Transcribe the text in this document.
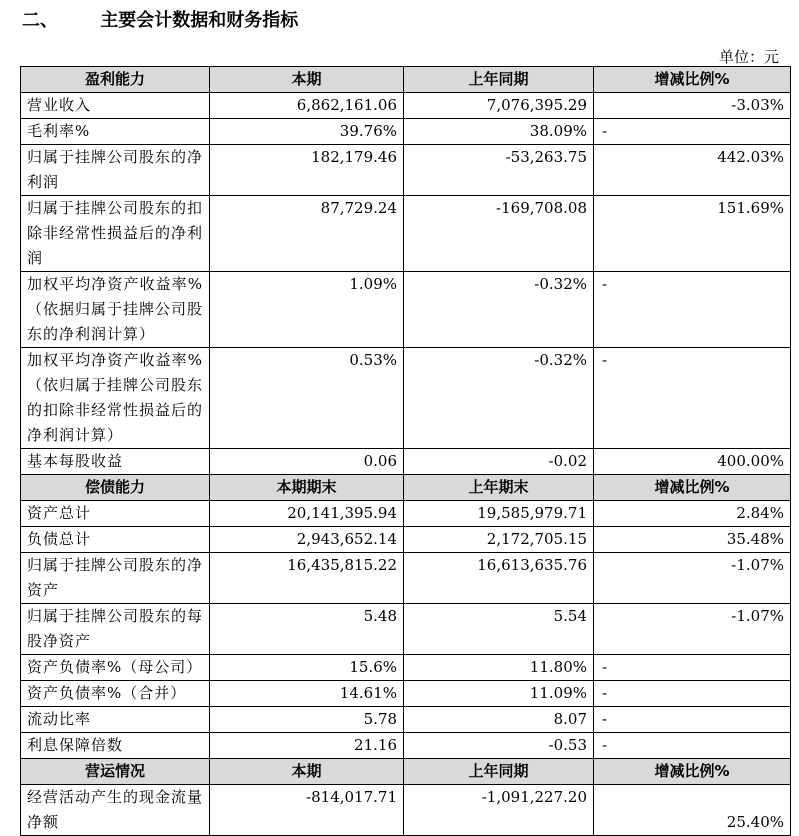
二、 主要会计数据和财务指标
单位：元
盈利能力	本期	上年同期	增减比例%
营业收入	6,862,161.06	7,076,395.29	-3.03%
毛利率%	39.76%	38.09%	-
归属于挂牌公司股东的净利润	182,179.46	-53,263.75	442.03%
归属于挂牌公司股东的扣除非经常性损益后的净利润	87,729.24	-169,708.08	151.69%
加权平均净资产收益率%（依据归属于挂牌公司股东的净利润计算）	1.09%	-0.32%	-
加权平均净资产收益率%（依归属于挂牌公司股东的扣除非经常性损益后的净利润计算）	0.53%	-0.32%	-
基本每股收益	0.06	-0.02	400.00%
偿债能力	本期期末	上年期末	增减比例%
资产总计	20,141,395.94	19,585,979.71	2.84%
负债总计	2,943,652.14	2,172,705.15	35.48%
归属于挂牌公司股东的净资产	16,435,815.22	16,613,635.76	-1.07%
归属于挂牌公司股东的每股净资产	5.48	5.54	-1.07%
资产负债率%（母公司）	15.6%	11.80%	-
资产负债率%（合并）	14.61%	11.09%	-
流动比率	5.78	8.07	-
利息保障倍数	21.16	-0.53	-
营运情况	本期	上年同期	增减比例%
经营活动产生的现金流量净额	-814,017.71	-1,091,227.20	25.40%
